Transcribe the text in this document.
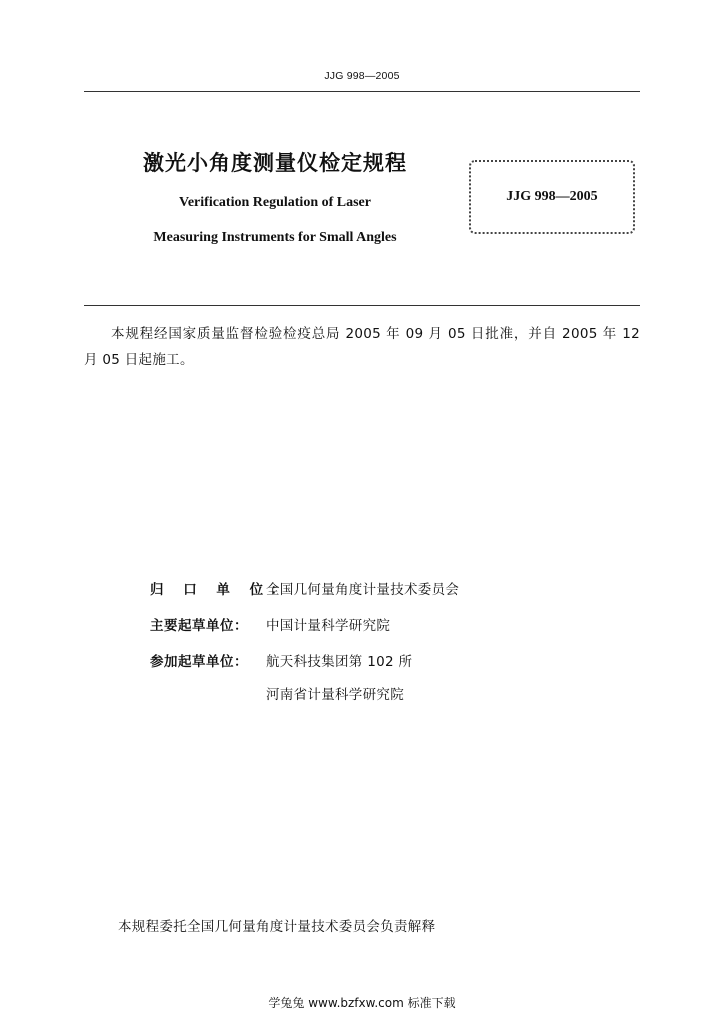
JJG 998—2005
激光小角度测量仪检定规程
Verification Regulation of Laser
Measuring Instruments for Small Angles
JJG 998—2005
本规程经国家质量监督检验检疫总局 2005 年 09 月 05 日批准，并自 2005 年 12 月 05 日起施工。
归 口 单 位：全国几何量角度计量技术委员会
主要起草单位： 中国计量科学研究院
参加起草单位： 航天科技集团第 102 所
河南省计量科学研究院
本规程委托全国几何量角度计量技术委员会负责解释
学兔兔 www.bzfxw.com 标准下载
